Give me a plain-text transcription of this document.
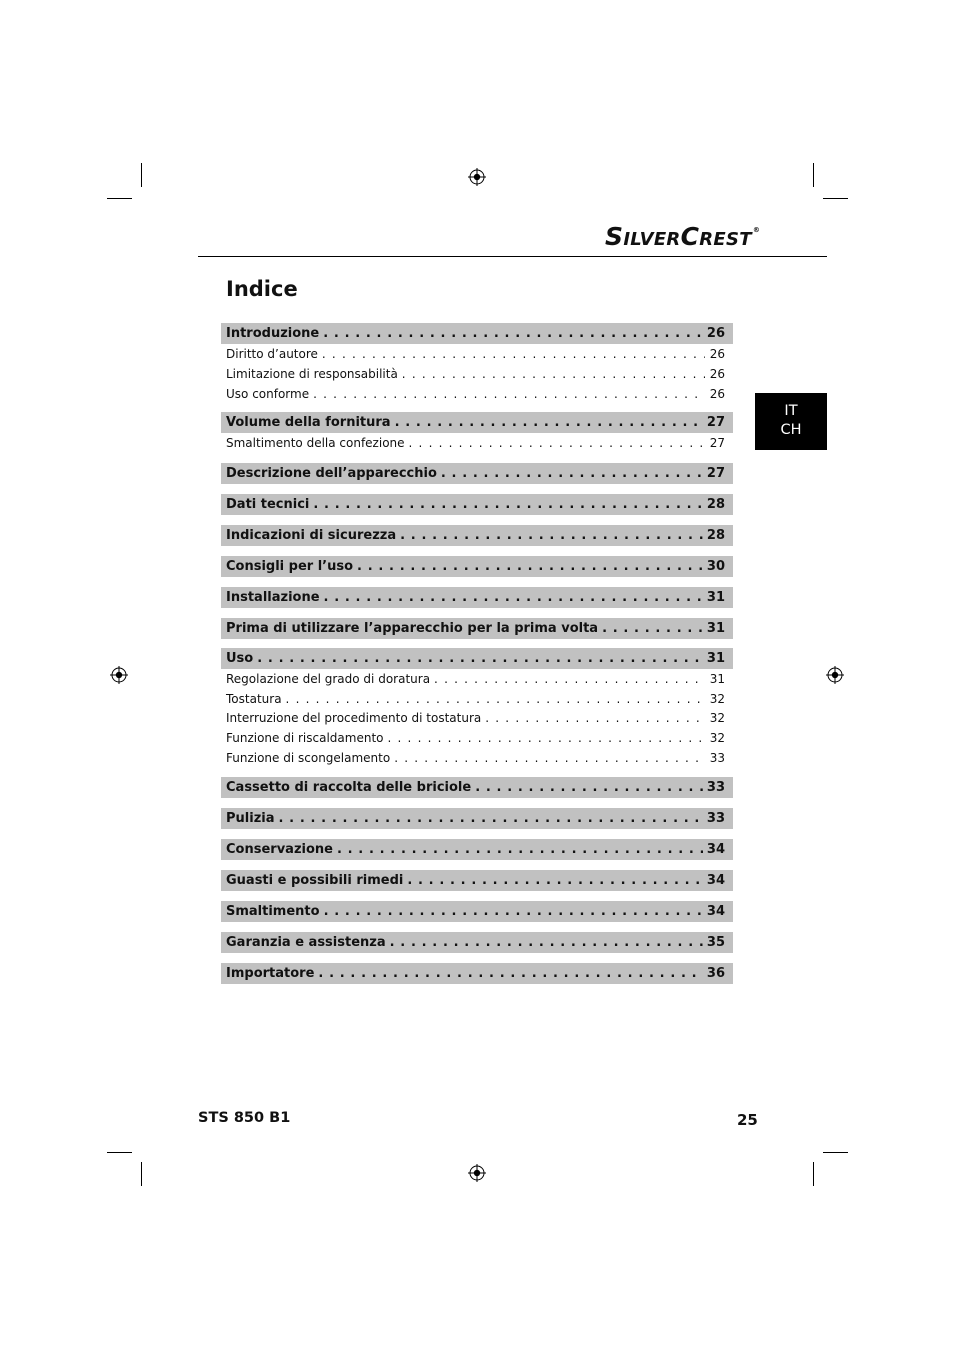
SILVERCREST®
Indice
IT
CH
Introduzione . . .	26
Diritto d’autore . . .	26
Limitazione di responsabilità . . .	26
Uso conforme . . .	26
Volume della fornitura . . .	27
Smaltimento della confezione . . .	27
Descrizione dell’apparecchio . . .	27
Dati tecnici . . .	28
Indicazioni di sicurezza . . .	28
Consigli per l’uso . . .	30
Installazione . . .	31
Prima di utilizzare l’apparecchio per la prima volta . . .	31
Uso . . .	31
Regolazione del grado di doratura . . .	31
Tostatura . . .	32
Interruzione del procedimento di tostatura . . .	32
Funzione di riscaldamento . . .	32
Funzione di scongelamento . . .	33
Cassetto di raccolta delle briciole . . .	33
Pulizia . . .	33
Conservazione . . .	34
Guasti e possibili rimedi . . .	34
Smaltimento . . .	34
Garanzia e assistenza . . .	35
Importatore . . .	36
STS 850 B1	25
